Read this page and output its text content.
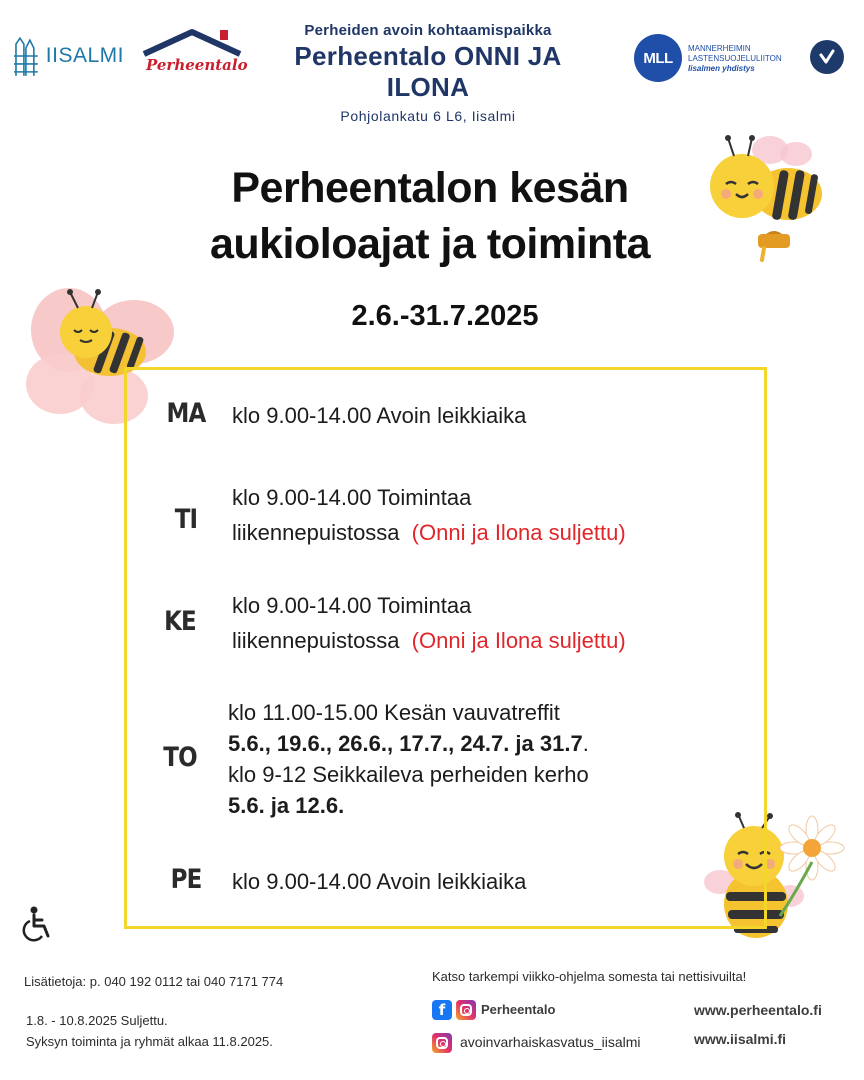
IISALMI Perheentalo
Perheiden avoin kohtaamispaikka
Perheentalo ONNI JA ILONA
Pohjolankatu 6 L6, Iisalmi
MLL
MANNERHEIMIN
LASTENSUOJELULIITON
Iisalmen yhdistys
Perheentalon kesän
aukioloajat ja toiminta
2.6.-31.7.2025
MA klo 9.00-14.00 Avoin leikkiaika
TI
klo 9.00-14.00 Toimintaa
liikennepuistossa (Onni ja Ilona suljettu)
KE
klo 9.00-14.00 Toimintaa
liikennepuistossa (Onni ja Ilona suljettu)
TO
klo 11.00-15.00 Kesän vauvatreffit
5.6., 19.6., 26.6., 17.7., 24.7. ja 31.7.
klo 9-12 Seikkaileva perheiden kerho
5.6. ja 12.6.
PE	klo 9.00-14.00 Avoin leikkiaika
Lisätietoja: p. 040 192 0112 tai 040 7171 774
1.8. - 10.8.2025 Suljettu.
Syksyn toiminta ja ryhmät alkaa 11.8.2025.
Katso tarkempi viikko-ohjelma somesta tai nettisivuilta!
f	Perheentalo
avoinvarhaiskasvatus_iisalmi
www.perheentalo.fi
www.iisalmi.fi
